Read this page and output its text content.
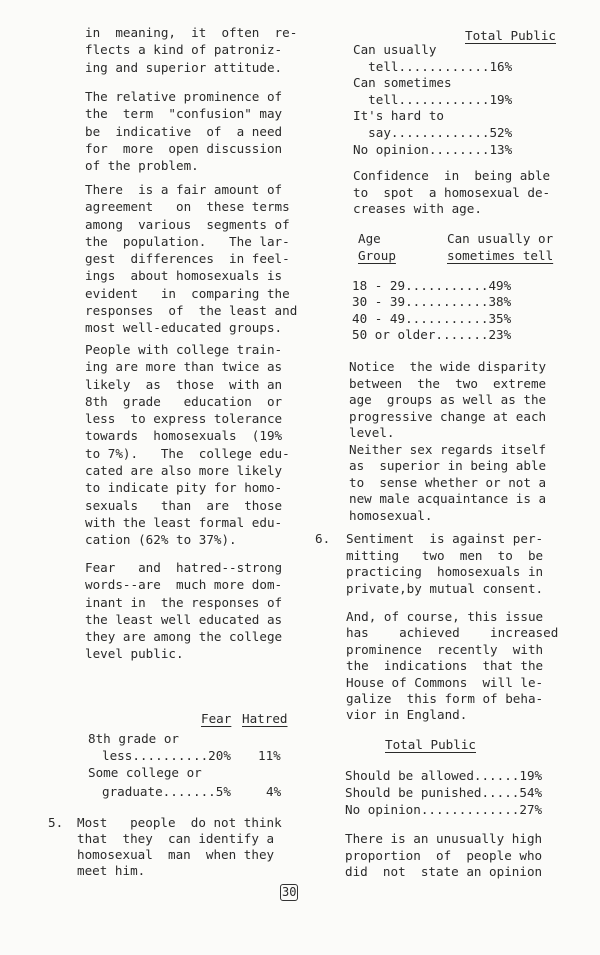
in  meaning,  it  often  re-
flects a kind of patroniz-
ing and superior attitude.
The relative prominence of
the  term  "confusion" may
be  indicative  of  a need
for  more  open discussion
of the problem.
There  is a fair amount of
agreement   on  these terms
among  various  segments of
the  population.   The lar-
gest  differences  in feel-
ings  about homosexuals is
evident   in  comparing the
responses  of  the least and
most well-educated groups.
People with college train-
ing are more than twice as
likely  as  those  with an
8th  grade   education  or
less  to express tolerance
towards  homosexuals  (19%
to 7%).   The  college edu-
cated are also more likely
to indicate pity for homo-
sexuals   than  are  those
with the least formal edu-
cation (62% to 37%).
Fear   and  hatred--strong
words--are  much more dom-
inant in  the responses of
the least well educated as
they are among the college
level public.
Fear Hatred
8th grade or
less..........20% 11%
Some college or
graduate.......5%	4%
5. Most   people  do not think
that  they  can identify a
homosexual  man  when they
meet him.
Total Public
Can usually
tell............16%
Can sometimes
tell............19%
It's hard to
say.............52%
No opinion........13%
Confidence  in  being able
to  spot  a homosexual de-
creases with age.
Age
Group
Can usually or
sometimes tell
18 - 29...........49%
30 - 39...........38%
40 - 49...........35%
50 or older.......23%
Notice  the wide disparity
between  the  two  extreme
age  groups as well as the
progressive change at each
level.
Neither sex regards itself
as  superior in being able
to  sense whether or not a
new male acquaintance is a
homosexual.
6. Sentiment  is against per-
mitting   two  men  to  be
practicing  homosexuals in
private,by mutual consent.
And, of course, this issue
has    achieved    increased
prominence  recently  with
the  indications  that the
House of Commons  will le-
galize  this form of beha-
vior in England.
Total Public
Should be allowed......19%
Should be punished.....54%
No opinion.............27%
There is an unusually high
proportion  of  people who
did  not  state an opinion
30
